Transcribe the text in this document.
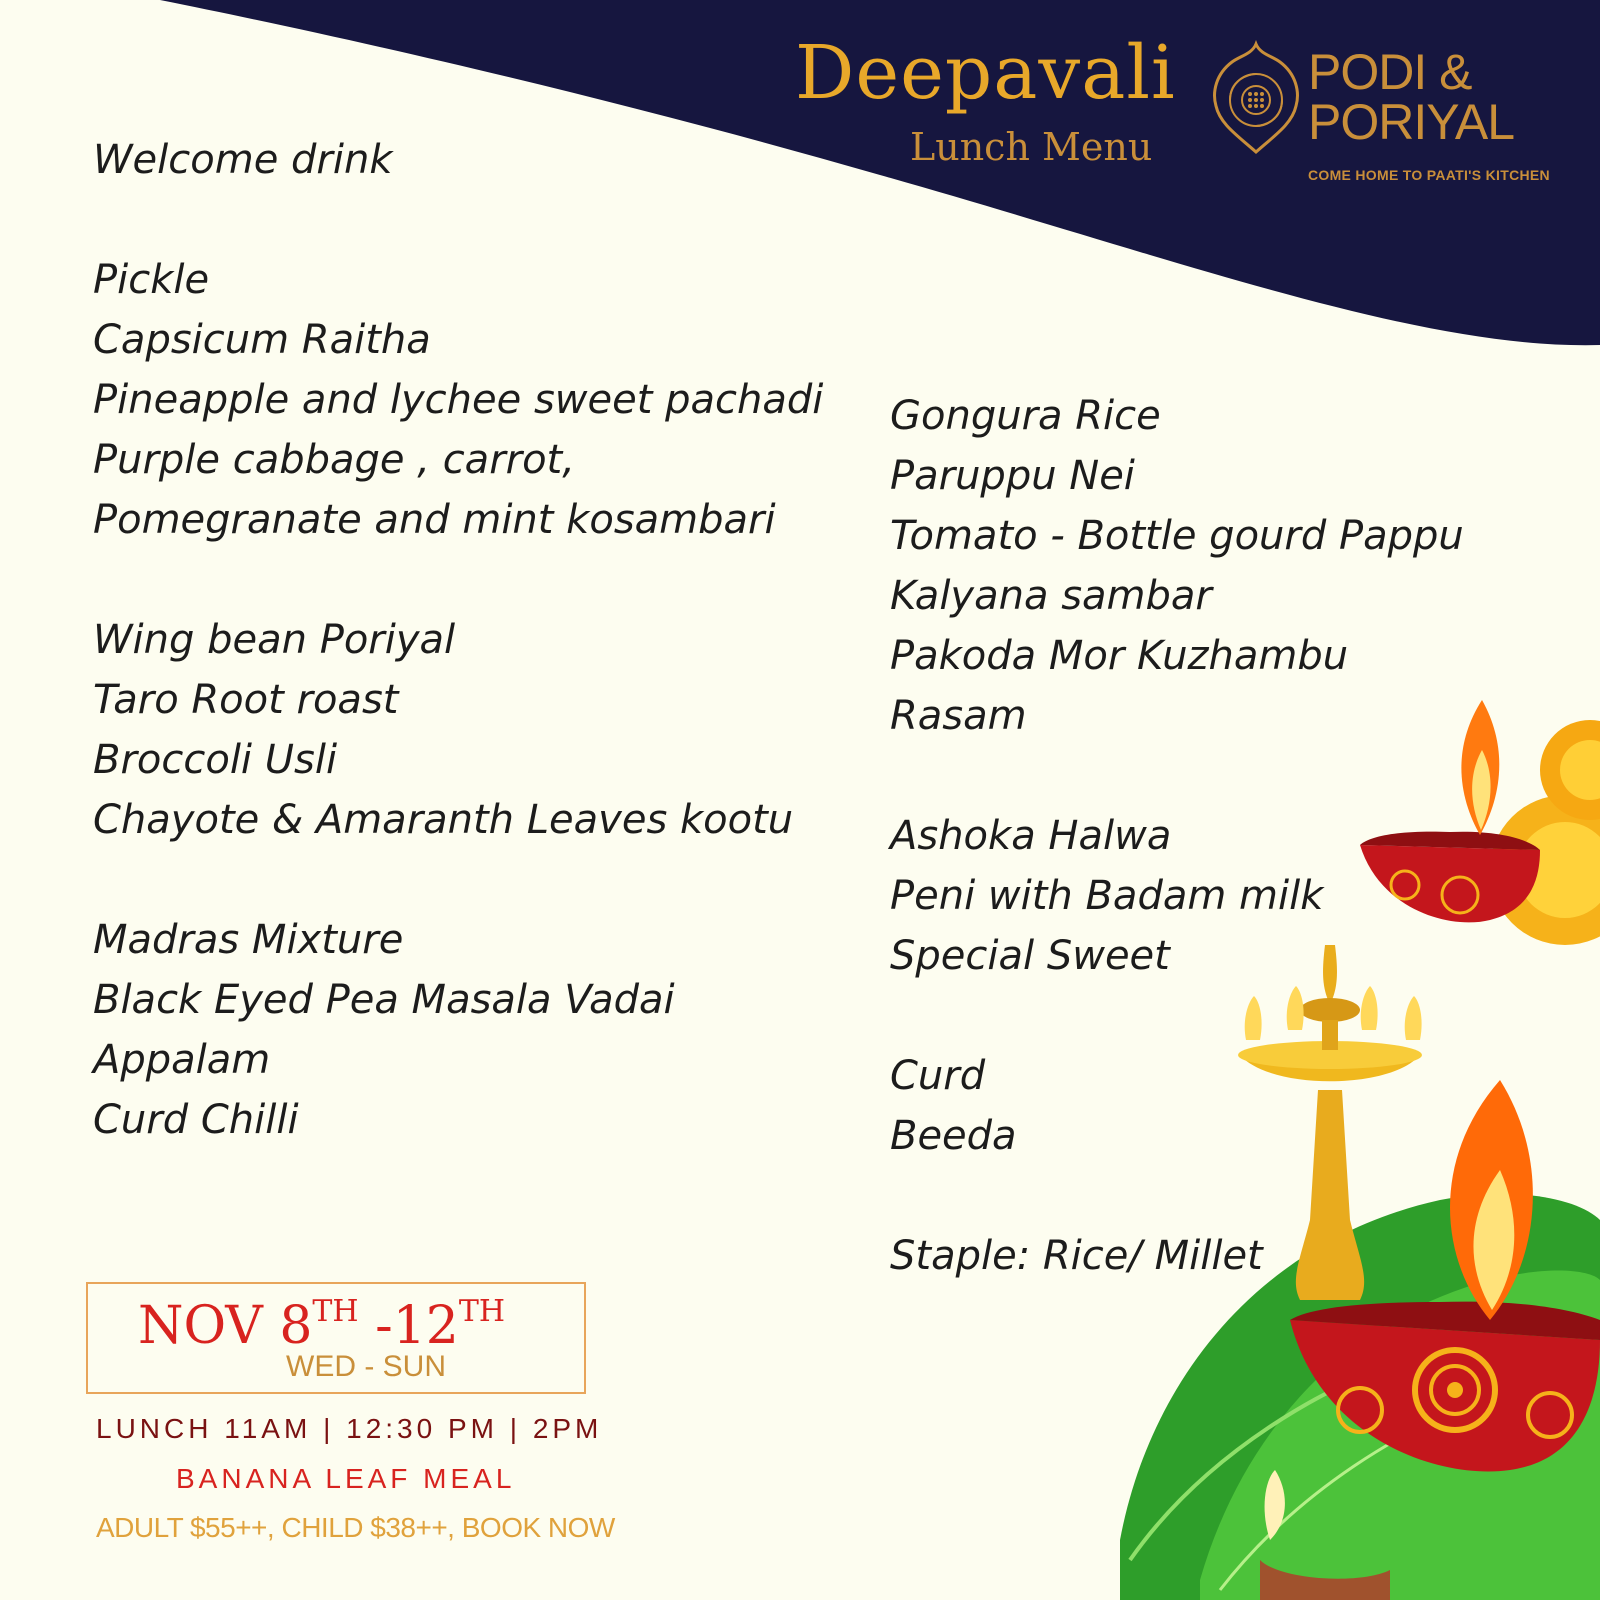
Deepavali
Lunch Menu
PODI &
PORIYAL
COME HOME TO PAATI'S KITCHEN
Welcome drink
Pickle
Capsicum Raitha
Pineapple and lychee sweet pachadi
Purple cabbage , carrot,
Pomegranate and mint kosambari
Wing bean Poriyal
Taro Root roast
Broccoli Usli
Chayote & Amaranth Leaves kootu
Madras Mixture
Black Eyed Pea Masala Vadai
Appalam
Curd Chilli
Gongura Rice
Paruppu Nei
Tomato - Bottle gourd Pappu
Kalyana sambar
Pakoda Mor Kuzhambu
Rasam
Ashoka Halwa
Peni with Badam milk
Special Sweet
Curd
Beeda
Staple: Rice/ Millet
NOV 8TH -12TH
WED - SUN
LUNCH 11AM | 12:30 PM | 2PM
BANANA LEAF MEAL
ADULT $55++, CHILD $38++, BOOK NOW
